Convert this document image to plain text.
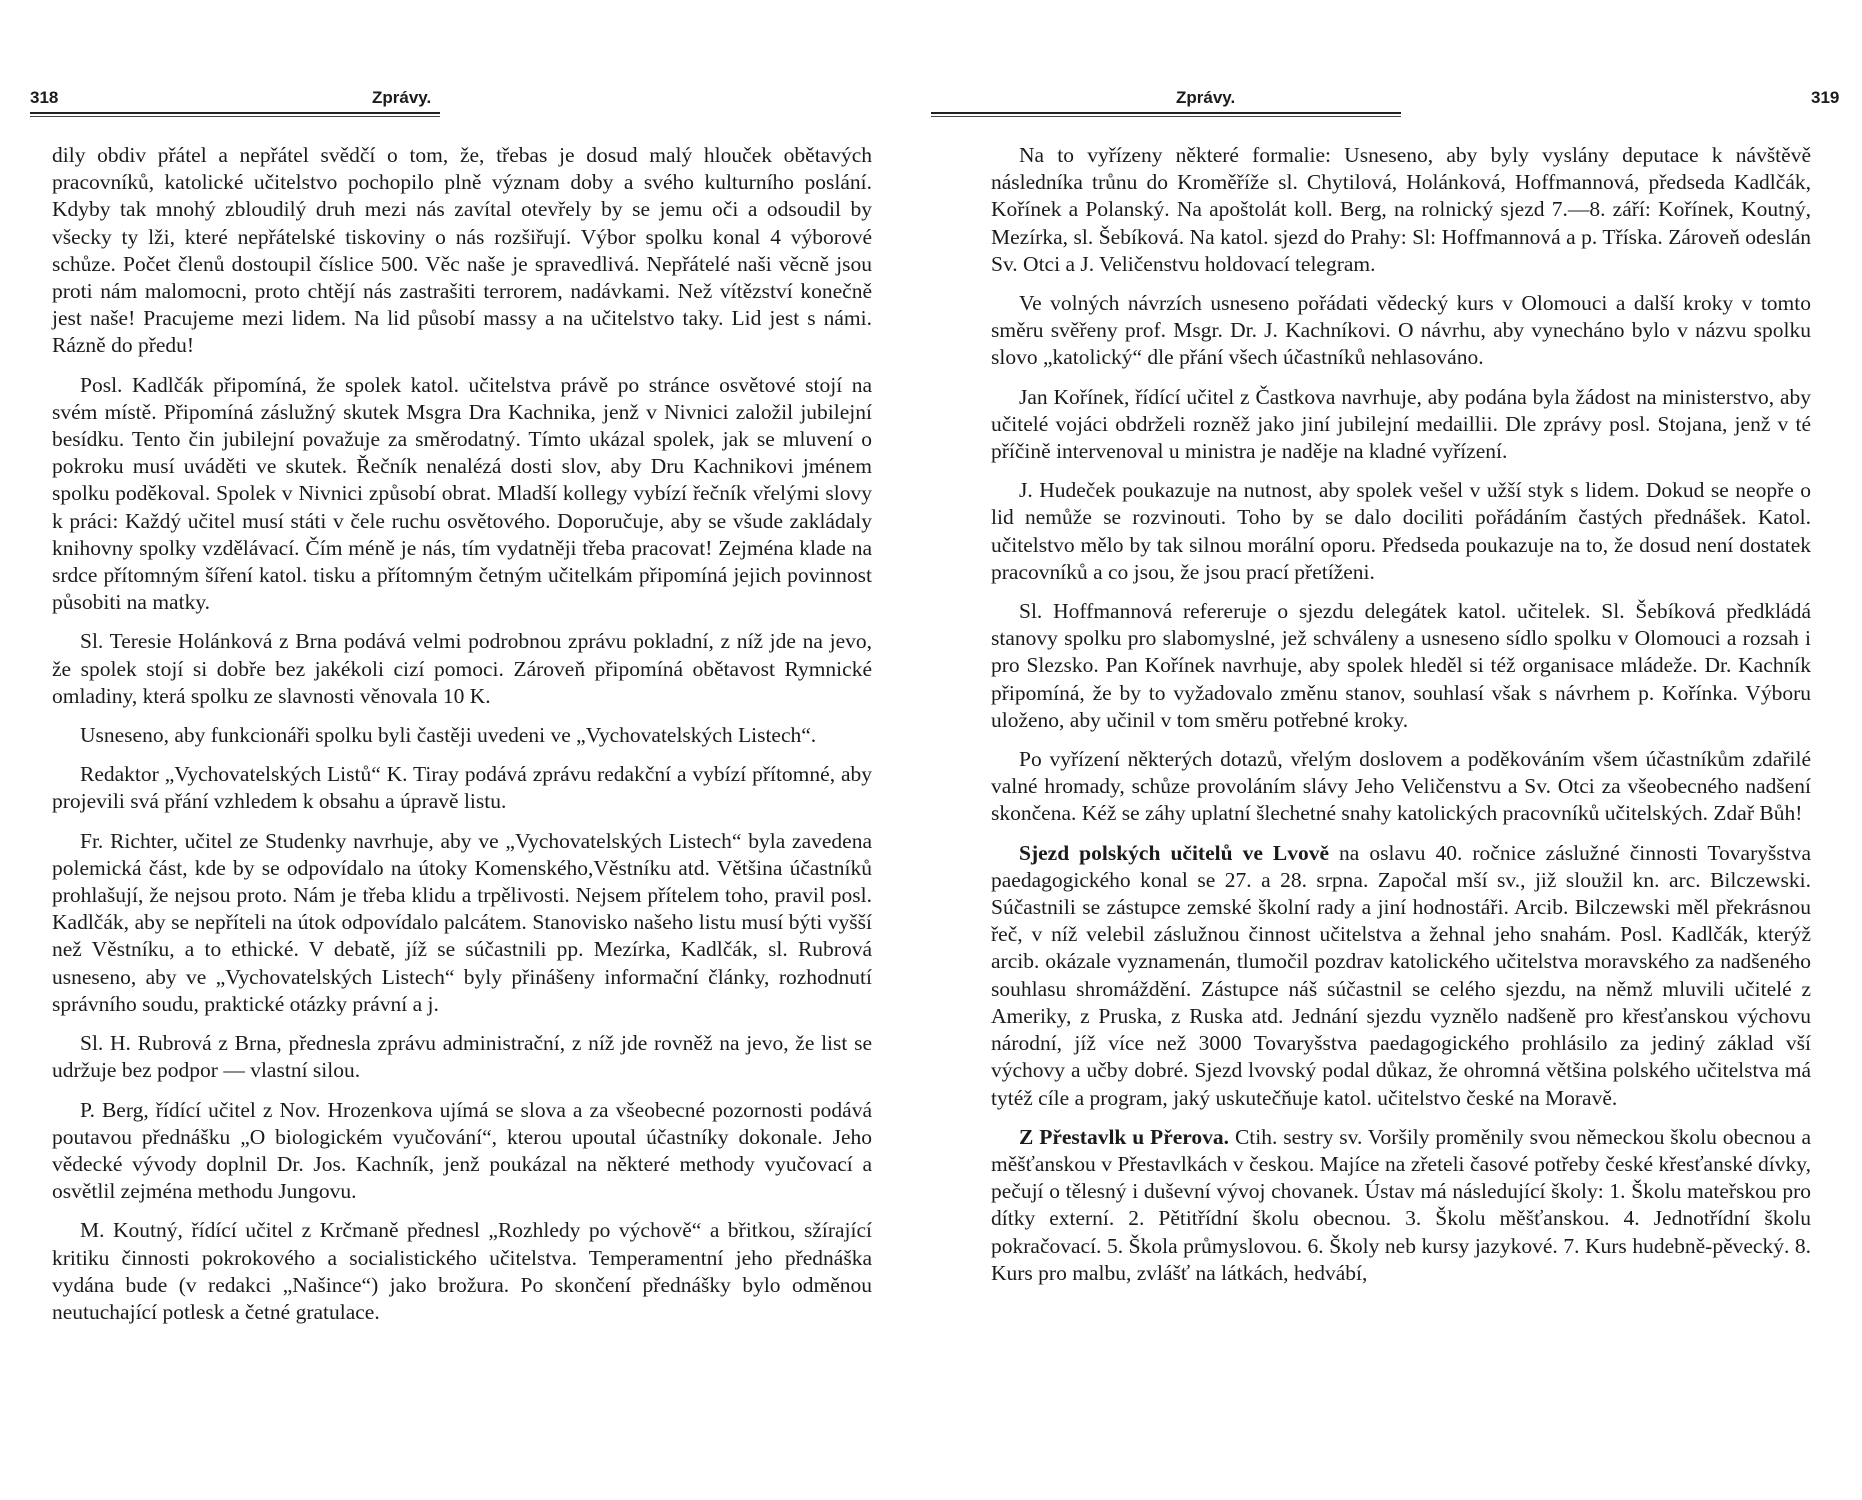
318	Zprávy.

dily obdiv přátel a nepřátel svědčí o tom, že, třebas je dosud malý hlouček obětavých pracovníků, katolické učitelstvo pochopilo plně význam doby a svého kulturního poslání. Kdyby tak mnohý zbloudilý druh mezi nás zavítal otevřely by se jemu oči a odsoudil by všecky ty lži, které nepřátelské tiskoviny o nás rozšiřují. Výbor spolku konal 4 výborové schůze. Počet členů dostoupil číslice 500. Věc naše je spravedlivá. Nepřátelé naši věcně jsou proti nám malomocni, proto chtějí nás zastrašiti terrorem, nadávkami. Než vítězství konečně jest naše! Pracujeme mezi lidem. Na lid působí massy a na učitelstvo taky. Lid jest s námi. Rázně do předu!

Posl. Kadlčák připomíná, že spolek katol. učitelstva právě po stránce osvětové stojí na svém místě. Připomíná záslužný skutek Msgra Dra Kachnika, jenž v Nivnici založil jubilejní besídku. Tento čin jubilejní považuje za směrodatný. Tímto ukázal spolek, jak se mluvení o pokroku musí uváděti ve skutek. Řečník nenalézá dosti slov, aby Dru Kachnikovi jménem spolku poděkoval. Spolek v Nivnici způsobí obrat. Mladší kollegy vybízí řečník vřelými slovy k práci: Každý učitel musí státi v čele ruchu osvětového. Doporučuje, aby se všude zakládaly knihovny spolky vzdělávací. Čím méně je nás, tím vydatněji třeba pracovat! Zejména klade na srdce přítomným šíření katol. tisku a přítomným četným učitelkám připomíná jejich povinnost působiti na matky.

Sl. Teresie Holánková z Brna podává velmi podrobnou zprávu pokladní, z níž jde na jevo, že spolek stojí si dobře bez jakékoli cizí pomoci. Zároveň připomíná obětavost Rymnické omladiny, která spolku ze slavnosti věnovala 10 K.

Usneseno, aby funkcionáři spolku byli častěji uvedeni ve „Vychovatelských Listech“.

Redaktor „Vychovatelských Listů“ K. Tiray podává zprávu redakční a vybízí přítomné, aby projevili svá přání vzhledem k obsahu a úpravě listu.

Fr. Richter, učitel ze Studenky navrhuje, aby ve „Vychovatelských Listech“ byla zavedena polemická část, kde by se odpovídalo na útoky Komenského,Věstníku atd. Většina účastníků prohlašují, že nejsou proto. Nám je třeba klidu a trpělivosti. Nejsem přítelem toho, pravil posl. Kadlčák, aby se nepříteli na útok odpovídalo palcátem. Stanovisko našeho listu musí býti vyšší než Věstníku, a to ethické. V debatě, jíž se súčastnili pp. Mezírka, Kadlčák, sl. Rubrová usneseno, aby ve „Vychovatelských Listech“ byly přinášeny informační články, rozhodnutí správního soudu, praktické otázky právní a j.

Sl. H. Rubrová z Brna, přednesla zprávu administrační, z níž jde rovněž na jevo, že list se udržuje bez podpor — vlastní silou.

P. Berg, řídící učitel z Nov. Hrozenkova ujímá se slova a za všeobecné pozornosti podává poutavou přednášku „O biologickém vyučování“, kterou upoutal účastníky dokonale. Jeho vědecké vývody doplnil Dr. Jos. Kachník, jenž poukázal na některé methody vyučovací a osvětlil zejména methodu Jungovu.

M. Koutný, řídící učitel z Krčmaně přednesl „Rozhledy po výchově“ a břitkou, sžírající kritiku činnosti pokrokového a socialistického učitelstva. Temperamentní jeho přednáška vydána bude (v redakci „Našince“) jako brožura. Po skončení přednášky bylo odměnou neutuchající potlesk a četné gratulace.

Zprávy.	319

Na to vyřízeny některé formalie: Usneseno, aby byly vyslány deputace k návštěvě následníka trůnu do Kroměříže sl. Chytilová, Holánková, Hoffmannová, předseda Kadlčák, Kořínek a Polanský. Na apoštolát koll. Berg, na rolnický sjezd 7.—8. září: Kořínek, Koutný, Mezírka, sl. Šebíková. Na katol. sjezd do Prahy: Sl: Hoffmannová a p. Tříska. Zároveň odeslán Sv. Otci a J. Veličenstvu holdovací telegram.

Ve volných návrzích usneseno pořádati vědecký kurs v Olomouci a další kroky v tomto směru svěřeny prof. Msgr. Dr. J. Kachníkovi. O návrhu, aby vynecháno bylo v názvu spolku slovo „katolický“ dle přání všech účastníků nehlasováno.

Jan Kořínek, řídící učitel z Častkova navrhuje, aby podána byla žádost na ministerstvo, aby učitelé vojáci obdrželi rozněž jako jiní jubilejní medaillii. Dle zprávy posl. Stojana, jenž v té příčině intervenoval u ministra je naděje na kladné vyřízení.

J. Hudeček poukazuje na nutnost, aby spolek vešel v užší styk s lidem. Dokud se neopře o lid nemůže se rozvinouti. Toho by se dalo dociliti pořádáním častých přednášek. Katol. učitelstvo mělo by tak silnou morální oporu. Předseda poukazuje na to, že dosud není dostatek pracovníků a co jsou, že jsou prací přetíženi.

Sl. Hoffmannová refereruje o sjezdu delegátek katol. učitelek. Sl. Šebíková předkládá stanovy spolku pro slabomyslné, jež schváleny a usneseno sídlo spolku v Olomouci a rozsah i pro Slezsko. Pan Kořínek navrhuje, aby spolek hleděl si též organisace mládeže. Dr. Kachník připomíná, že by to vyžadovalo změnu stanov, souhlasí však s návrhem p. Kořínka. Výboru uloženo, aby učinil v tom směru potřebné kroky.

Po vyřízení některých dotazů, vřelým doslovem a poděkováním všem účastníkům zdařilé valné hromady, schůze provoláním slávy Jeho Veličenstvu a Sv. Otci za všeobecného nadšení skončena. Kéž se záhy uplatní šlechetné snahy katolických pracovníků učitelských. Zdař Bůh!

Sjezd polských učitelů ve Lvově na oslavu 40. ročnice záslužné činnosti Tovaryšstva paedagogického konal se 27. a 28. srpna. Započal mší sv., již sloužil kn. arc. Bilczewski. Súčastnili se zástupce zemské školní rady a jiní hodnostáři. Arcib. Bilczewski měl překrásnou řeč, v níž velebil záslužnou činnost učitelstva a žehnal jeho snahám. Posl. Kadlčák, kterýž arcib. okázale vyznamenán, tlumočil pozdrav katolického učitelstva moravského za nadšeného souhlasu shromáždění. Zástupce náš súčastnil se celého sjezdu, na němž mluvili učitelé z Ameriky, z Pruska, z Ruska atd. Jednání sjezdu vyznělo nadšeně pro křesťanskou výchovu národní, jíž více než 3000 Tovaryšstva paedagogického prohlásilo za jediný základ vší výchovy a učby dobré. Sjezd lvovský podal důkaz, že ohromná většina polského učitelstva má tytéž cíle a program, jaký uskutečňuje katol. učitelstvo české na Moravě.

Z Přestavlk u Přerova. Ctih. sestry sv. Voršily proměnily svou německou školu obecnou a měšťanskou v Přestavlkách v českou. Majíce na zřeteli časové potřeby české křesťanské dívky, pečují o tělesný i duševní vývoj chovanek. Ústav má následující školy: 1. Školu mateřskou pro dítky externí. 2. Pětitřídní školu obecnou. 3. Školu měšťanskou. 4. Jednotřídní školu pokračovací. 5. Škola průmyslovou. 6. Školy neb kursy jazykové. 7. Kurs hudebně-pěvecký. 8. Kurs pro malbu, zvlášť na látkách, hedvábí,
